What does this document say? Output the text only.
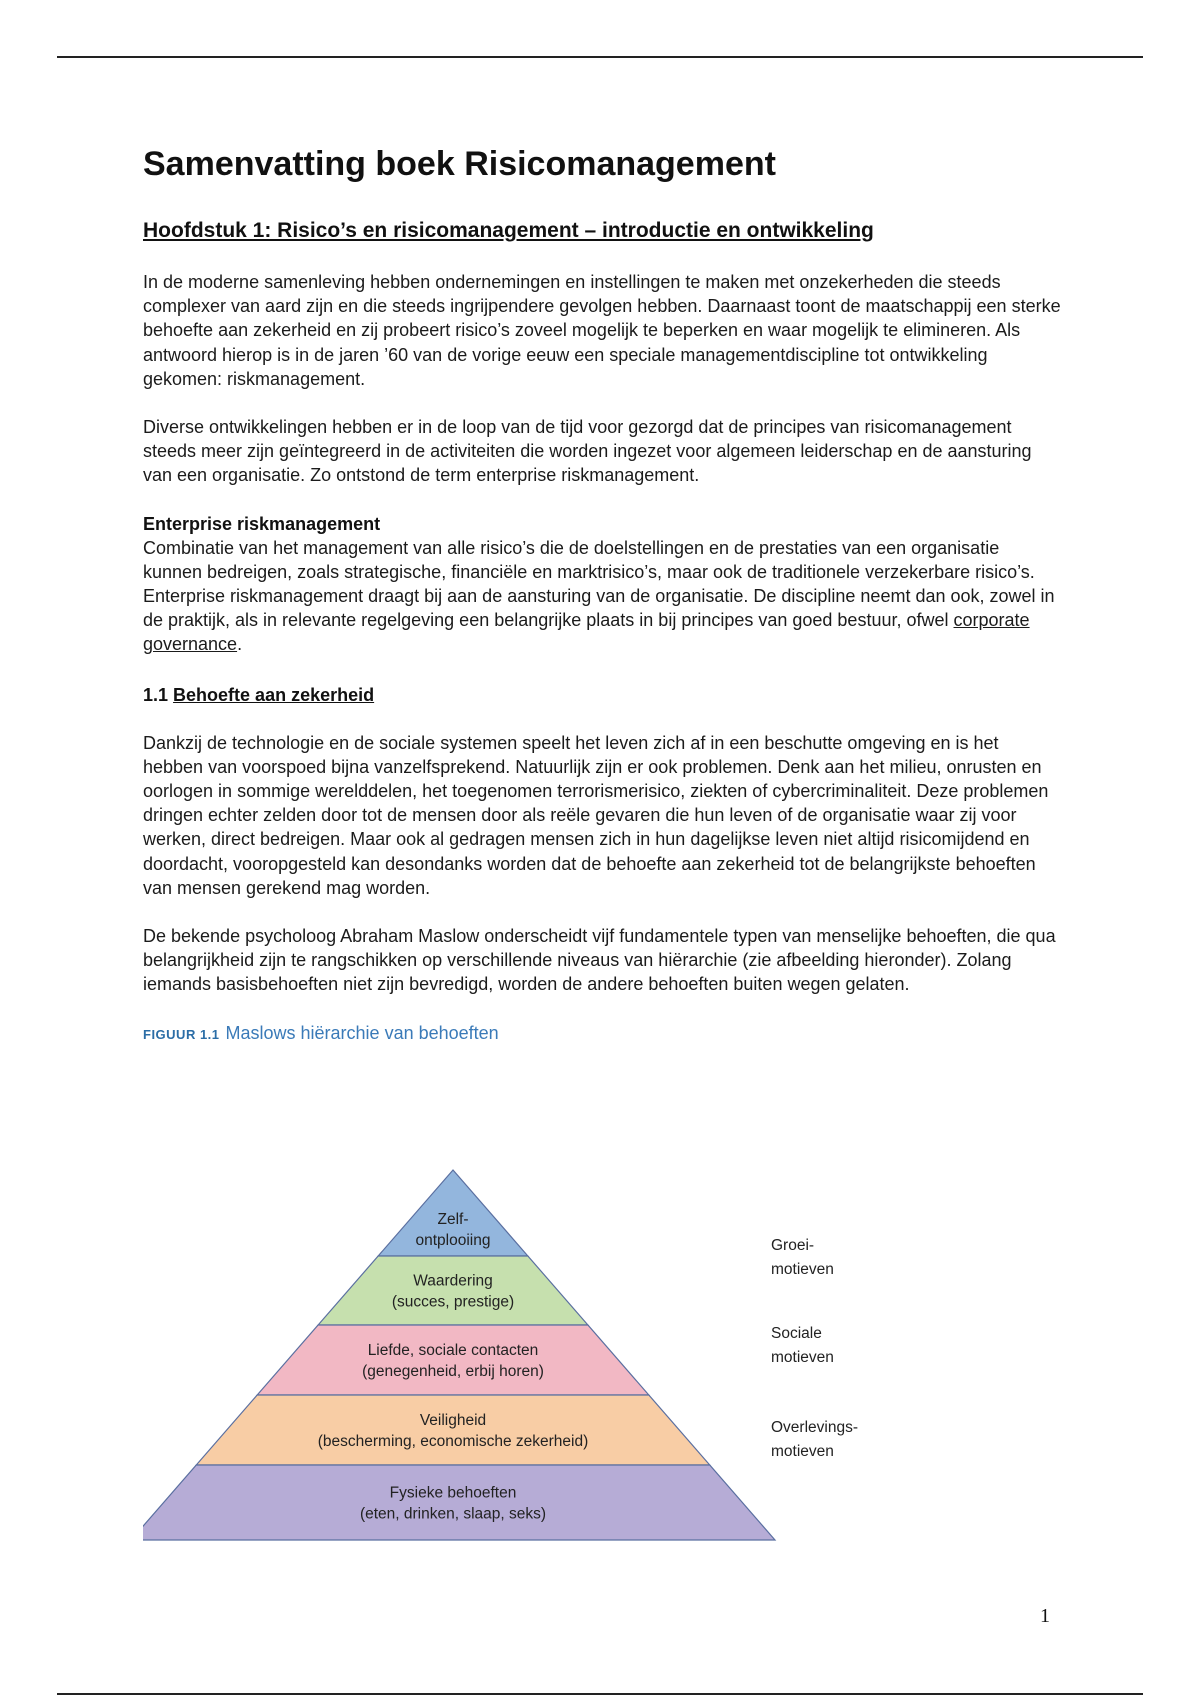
Samenvatting boek Risicomanagement
Hoofdstuk 1: Risico’s en risicomanagement – introductie en ontwikkeling

In de moderne samenleving hebben ondernemingen en instellingen te maken met onzekerheden die steeds complexer van aard zijn en die steeds ingrijpendere gevolgen hebben. Daarnaast toont de maatschappij een sterke behoefte aan zekerheid en zij probeert risico’s zoveel mogelijk te beperken en waar mogelijk te elimineren. Als antwoord hierop is in de jaren ’60 van de vorige eeuw een speciale managementdiscipline tot ontwikkeling gekomen: riskmanagement.

Diverse ontwikkelingen hebben er in de loop van de tijd voor gezorgd dat de principes van risicomanagement steeds meer zijn geïntegreerd in de activiteiten die worden ingezet voor algemeen leiderschap en de aansturing van een organisatie. Zo ontstond de term enterprise riskmanagement.

Enterprise riskmanagement

Combinatie van het management van alle risico’s die de doelstellingen en de prestaties van een organisatie kunnen bedreigen, zoals strategische, financiële en marktrisico’s, maar ook de traditionele verzekerbare risico’s. Enterprise riskmanagement draagt bij aan de aansturing van de organisatie. De discipline neemt dan ook, zowel in de praktijk, als in relevante regelgeving een belangrijke plaats in bij principes van goed bestuur, ofwel corporate governance.

1.1 Behoefte aan zekerheid

Dankzij de technologie en de sociale systemen speelt het leven zich af in een beschutte omgeving en is het hebben van voorspoed bijna vanzelfsprekend. Natuurlijk zijn er ook problemen. Denk aan het milieu, onrusten en oorlogen in sommige werelddelen, het toegenomen terrorismerisico, ziekten of cybercriminaliteit. Deze problemen dringen echter zelden door tot de mensen door als reële gevaren die hun leven of de organisatie waar zij voor werken, direct bedreigen. Maar ook al gedragen mensen zich in hun dagelijkse leven niet altijd risicomijdend en doordacht, vooropgesteld kan desondanks worden dat de behoefte aan zekerheid tot de belangrijkste behoeften van mensen gerekend mag worden.

De bekende psycholoog Abraham Maslow onderscheidt vijf fundamentele typen van menselijke behoeften, die qua belangrijkheid zijn te rangschikken op verschillende niveaus van hiërarchie (zie afbeelding hieronder). Zolang iemands basisbehoeften niet zijn bevredigd, worden de andere behoeften buiten wegen gelaten.

FIGUUR 1.1 Maslows hiërarchie van behoeften
Zelf-
ontplooiing
Waardering
(succes, prestige)
Liefde, sociale contacten
(genegenheid, erbij horen)
Veiligheid
(bescherming, economische zekerheid)
Fysieke behoeften
(eten, drinken, slaap, seks)
Groei-
motieven
Sociale
motieven
Overlevings-
motieven
1
